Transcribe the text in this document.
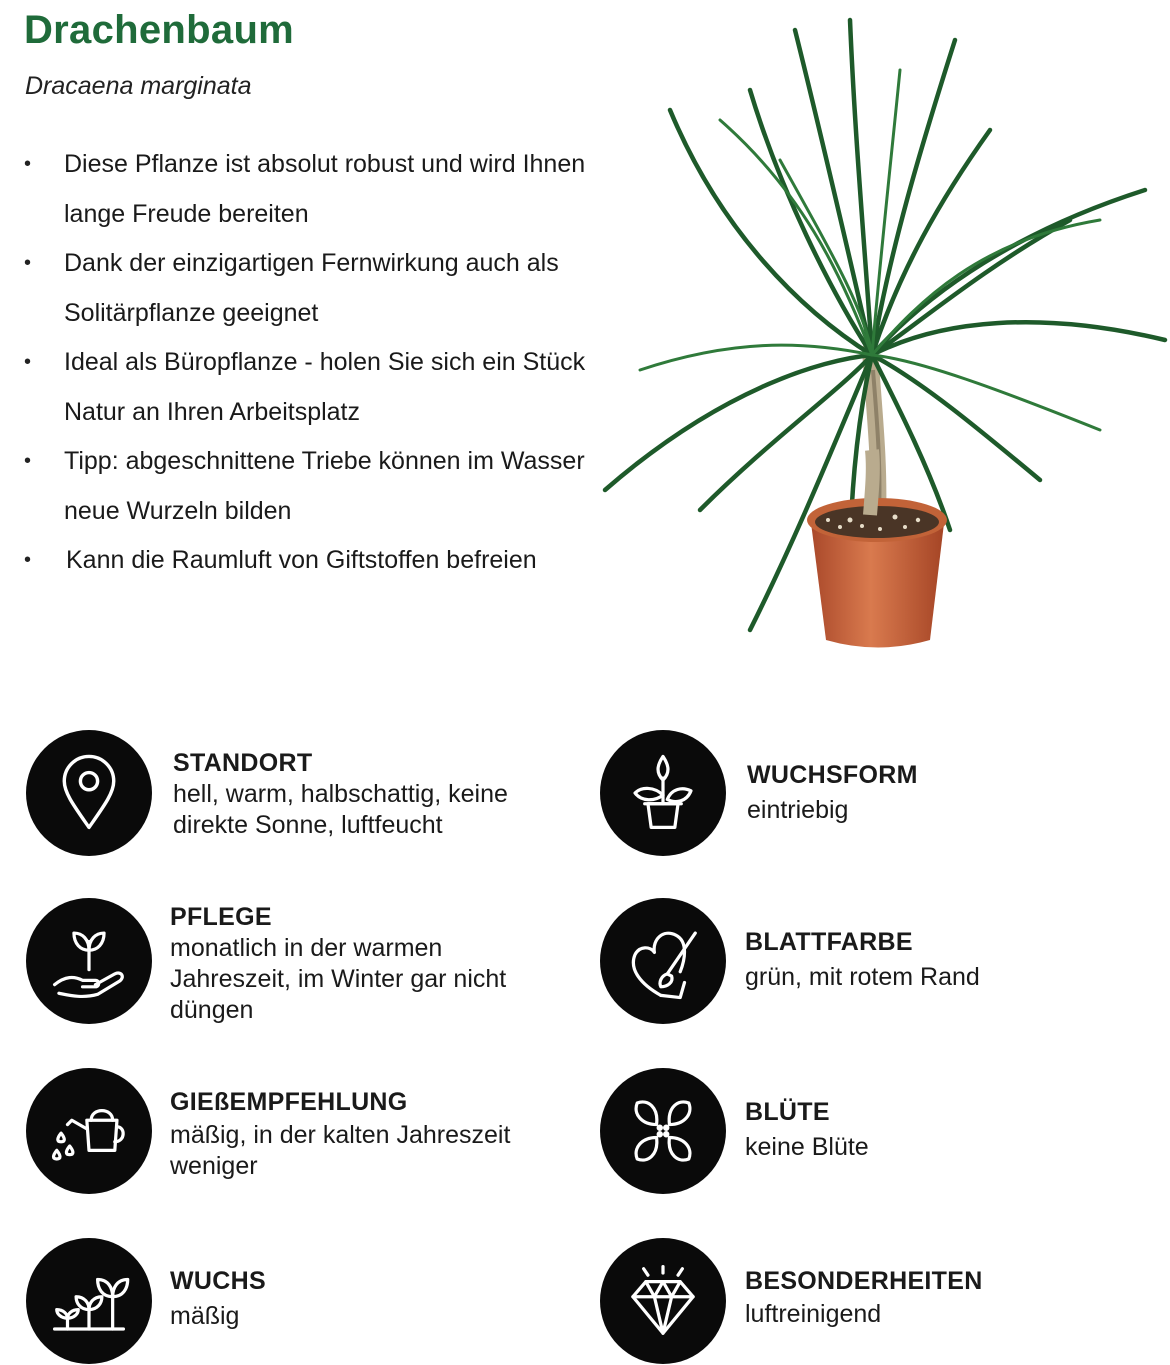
Drachenbaum
Dracaena marginata
• Diese Pflanze ist absolut robust und wird Ihnen lange Freude bereiten
• Dank der einzigartigen Fernwirkung auch als Solitärpflanze geeignet
• Ideal als Büropflanze - holen Sie sich ein Stück Natur an Ihren Arbeitsplatz
• Tipp: abgeschnittene Triebe können im Wasser neue Wurzeln bilden
• Kann die Raumluft von Giftstoffen befreien
STANDORT
hell, warm, halbschattig, keine direkte Sonne, luftfeucht
WUCHSFORM
eintriebig
PFLEGE
monatlich in der warmen Jahreszeit, im Winter gar nicht düngen
BLATTFARBE
grün, mit rotem Rand
GIEßEMPFEHLUNG
mäßig, in der kalten Jahreszeit weniger
BLÜTE
keine Blüte
WUCHS
mäßig
BESONDERHEITEN
luftreinigend
